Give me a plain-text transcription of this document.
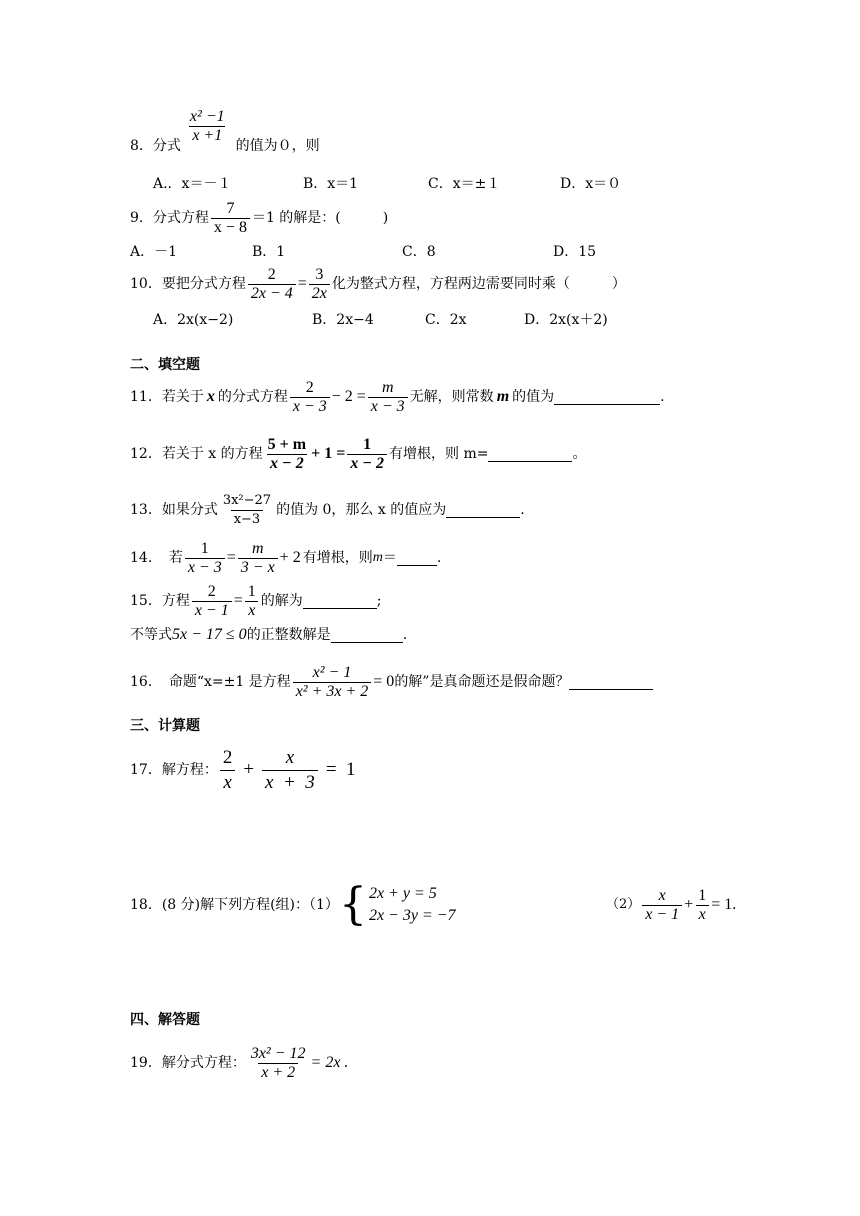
8．分式
$\frac{\text{x² −1}}{x +1}$
的值为０，则
A.．x＝－１	B．x＝1	C．x＝±１	D．x＝０
9．分式方程 $\frac{7}{x - 8} =1$ 的解是：(　　　)
A．－1	B．1	C．8	D．15
10．要把分式方程 $\frac{2}{2x - 4} = \frac{3}{2x}$ 化为整式方程，方程两边需要同时乘（　　　）
A．2x(x−2)	B．2x−4	C．2x	D．2x(x＋2)
二、填空题
11．若关于 x 的分式方程 $\frac{2}{x - 3} - 2 = \frac{m}{x - 3}$ 无解，则常数 m 的值为	.
12．若关于 x 的方程 $\frac{5 + m}{x - 2} + 1 = \frac{1}{x - 2}$ 有增根，则 m=	。
13．如果分式 $\frac{\text{3x²−27}}{x-3}$ 的值为 0，那么 x 的值应为	.
14．　若 $\frac{1}{x - 3} = \frac{m}{3 - x} + 2$ 有增根，则 m ＝	.
15．方程 $\frac{2}{x - 1} = \frac{1}{x}$ 的解为	;
不等式 5x − 17 ≤ 0 的正整数解是	.
16．　命题“x=±1 是方程 $\frac{\text{x² − 1}}{\text{x² + 3x + 2}} = 0$ 的解”是真命题还是假命题？
三、计算题
17．解方程： $\frac{2}{x} + \frac{x}{x + 3} = 1$
18．(8 分)解下列方程(组)：（1） { 2x + y = 5
2x − 3y = −7
$(2) \frac{x}{x - 1} + \frac{1}{x} = 1$.
四、解答题
19．解分式方程： $\frac{\text{3x² − 12}}{x + 2} = 2x$ .
